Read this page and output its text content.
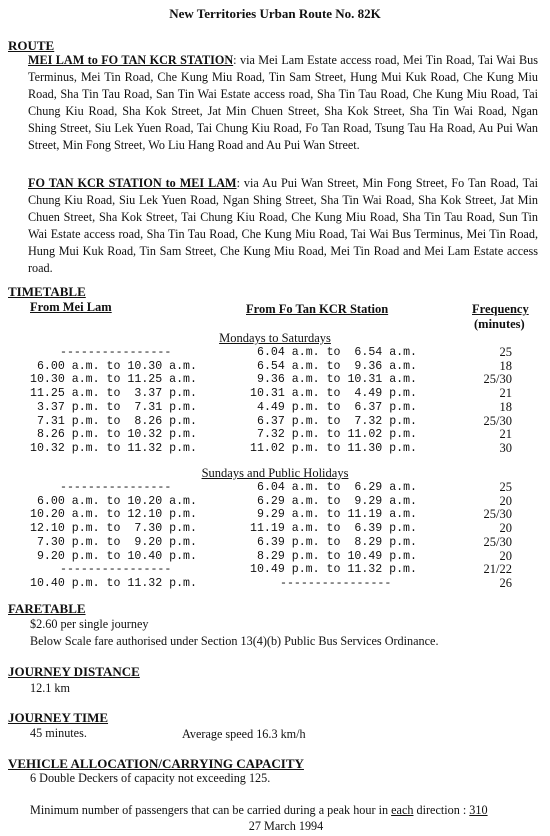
New Territories Urban Route No. 82K
ROUTE
MEI LAM to FO TAN KCR STATION: via Mei Lam Estate access road, Mei Tin Road, Tai Wai Bus Terminus, Mei Tin Road, Che Kung Miu Road, Tin Sam Street, Hung Mui Kuk Road, Che Kung Miu Road, Sha Tin Tau Road, San Tin Wai Estate access road, Sha Tin Tau Road, Che Kung Miu Road, Tai Chung Kiu Road, Sha Kok Street, Jat Min Chuen Street, Sha Kok Street, Sha Tin Wai Road, Ngan Shing Street, Siu Lek Yuen Road, Tai Chung Kiu Road, Fo Tan Road, Tsung Tau Ha Road, Au Pui Wan Street, Min Fong Street, Wo Liu Hang Road and Au Pui Wan Street.
FO TAN KCR STATION to MEI LAM: via Au Pui Wan Street, Min Fong Street, Fo Tan Road, Tai Chung Kiu Road, Siu Lek Yuen Road, Ngan Shing Street, Sha Tin Wai Road, Sha Kok Street, Jat Min Chuen Street, Sha Kok Street, Tai Chung Kiu Road, Che Kung Miu Road, Sha Tin Tau Road, Sun Tin Wai Estate access road, Sha Tin Tau Road, Che Kung Miu Road, Tai Wai Bus Terminus, Mei Tin Road, Hung Mui Kuk Road, Tin Sam Street, Che Kung Miu Road, Mei Tin Road and Mei Lam Estate access road.
TIMETABLE
From Mei Lam	From Fo Tan KCR Station	Frequency
(minutes)
Mondays to Saturdays
----------------	6.04 a.m. to  6.54 a.m.	25
6.00 a.m. to 10.30 a.m.	6.54 a.m. to  9.36 a.m.	18
10.30 a.m. to 11.25 a.m.	9.36 a.m. to 10.31 a.m.	25/30
11.25 a.m. to  3.37 p.m.	10.31 a.m. to  4.49 p.m.	21
3.37 p.m. to  7.31 p.m.	4.49 p.m. to  6.37 p.m.	18
7.31 p.m. to  8.26 p.m.	6.37 p.m. to  7.32 p.m.	25/30
8.26 p.m. to 10.32 p.m.	7.32 p.m. to 11.02 p.m.	21
10.32 p.m. to 11.32 p.m.	11.02 p.m. to 11.30 p.m.	30
Sundays and Public Holidays
----------------	6.04 a.m. to  6.29 a.m.	25
6.00 a.m. to 10.20 a.m.	6.29 a.m. to  9.29 a.m.	20
10.20 a.m. to 12.10 p.m.	9.29 a.m. to 11.19 a.m.	25/30
12.10 p.m. to  7.30 p.m.	11.19 a.m. to  6.39 p.m.	20
7.30 p.m. to  9.20 p.m.	6.39 p.m. to  8.29 p.m.	25/30
9.20 p.m. to 10.40 p.m.	8.29 p.m. to 10.49 p.m.	20
----------------	10.49 p.m. to 11.32 p.m.	21/22
10.40 p.m. to 11.32 p.m.	----------------	26
FARETABLE
$2.60 per single journey
Below Scale fare authorised under Section 13(4)(b) Public Bus Services Ordinance.
JOURNEY DISTANCE
12.1 km
JOURNEY TIME
45 minutes.	Average speed 16.3 km/h
VEHICLE ALLOCATION/CARRYING CAPACITY
6 Double Deckers of capacity not exceeding 125.
Minimum number of passengers that can be carried during a peak hour in each direction : 310
27 March 1994
